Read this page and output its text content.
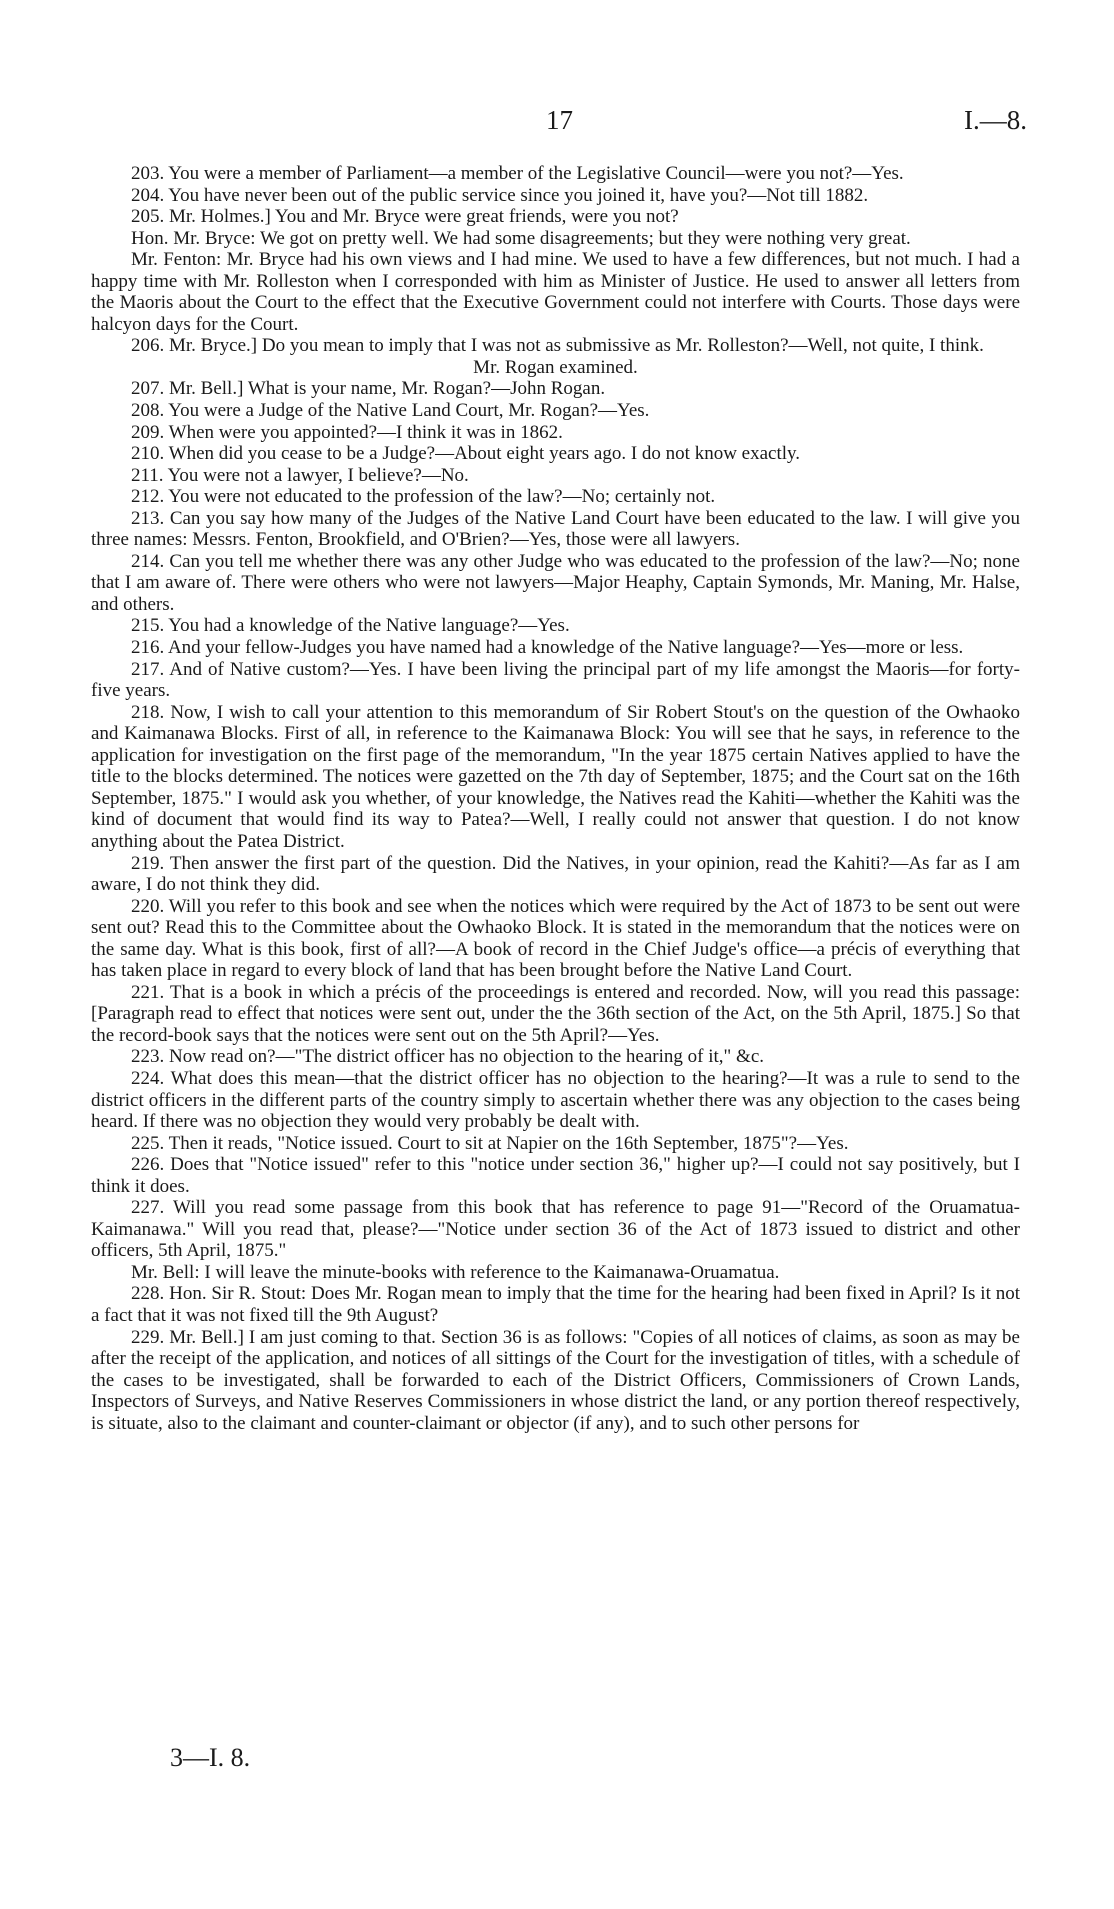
17	I.—8.

203. You were a member of Parliament—a member of the Legislative Council—were you not?—Yes.

204. You have never been out of the public service since you joined it, have you?—Not till 1882.

205. Mr. Holmes.] You and Mr. Bryce were great friends, were you not?

Hon. Mr. Bryce: We got on pretty well. We had some disagreements; but they were nothing very great.

Mr. Fenton: Mr. Bryce had his own views and I had mine. We used to have a few differences, but not much. I had a happy time with Mr. Rolleston when I corresponded with him as Minister of Justice. He used to answer all letters from the Maoris about the Court to the effect that the Executive Government could not interfere with Courts. Those days were halcyon days for the Court.

206. Mr. Bryce.] Do you mean to imply that I was not as submissive as Mr. Rolleston?—Well, not quite, I think.

Mr. Rogan examined.

207. Mr. Bell.] What is your name, Mr. Rogan?—John Rogan.

208. You were a Judge of the Native Land Court, Mr. Rogan?—Yes.

209. When were you appointed?—I think it was in 1862.

210. When did you cease to be a Judge?—About eight years ago. I do not know exactly.

211. You were not a lawyer, I believe?—No.

212. You were not educated to the profession of the law?—No; certainly not.

213. Can you say how many of the Judges of the Native Land Court have been educated to the law. I will give you three names: Messrs. Fenton, Brookfield, and O'Brien?—Yes, those were all lawyers.

214. Can you tell me whether there was any other Judge who was educated to the profession of the law?—No; none that I am aware of. There were others who were not lawyers—Major Heaphy, Captain Symonds, Mr. Maning, Mr. Halse, and others.

215. You had a knowledge of the Native language?—Yes.

216. And your fellow-Judges you have named had a knowledge of the Native language?—Yes—more or less.

217. And of Native custom?—Yes. I have been living the principal part of my life amongst the Maoris—for forty-five years.

218. Now, I wish to call your attention to this memorandum of Sir Robert Stout's on the question of the Owhaoko and Kaimanawa Blocks. First of all, in reference to the Kaimanawa Block: You will see that he says, in reference to the application for investigation on the first page of the memorandum, "In the year 1875 certain Natives applied to have the title to the blocks determined. The notices were gazetted on the 7th day of September, 1875; and the Court sat on the 16th September, 1875." I would ask you whether, of your knowledge, the Natives read the Kahiti—whether the Kahiti was the kind of document that would find its way to Patea?—Well, I really could not answer that question. I do not know anything about the Patea District.

219. Then answer the first part of the question. Did the Natives, in your opinion, read the Kahiti?—As far as I am aware, I do not think they did.

220. Will you refer to this book and see when the notices which were required by the Act of 1873 to be sent out were sent out? Read this to the Committee about the Owhaoko Block. It is stated in the memorandum that the notices were on the same day. What is this book, first of all?—A book of record in the Chief Judge's office—a précis of everything that has taken place in regard to every block of land that has been brought before the Native Land Court.

221. That is a book in which a précis of the proceedings is entered and recorded. Now, will you read this passage: [Paragraph read to effect that notices were sent out, under the the 36th section of the Act, on the 5th April, 1875.] So that the record-book says that the notices were sent out on the 5th April?—Yes.

223. Now read on?—"The district officer has no objection to the hearing of it," &c.

224. What does this mean—that the district officer has no objection to the hearing?—It was a rule to send to the district officers in the different parts of the country simply to ascertain whether there was any objection to the cases being heard. If there was no objection they would very probably be dealt with.

225. Then it reads, "Notice issued. Court to sit at Napier on the 16th September, 1875"?—Yes.

226. Does that "Notice issued" refer to this "notice under section 36," higher up?—I could not say positively, but I think it does.

227. Will you read some passage from this book that has reference to page 91—"Record of the Oruamatua-Kaimanawa." Will you read that, please?—"Notice under section 36 of the Act of 1873 issued to district and other officers, 5th April, 1875."

Mr. Bell: I will leave the minute-books with reference to the Kaimanawa-Oruamatua.

228. Hon. Sir R. Stout: Does Mr. Rogan mean to imply that the time for the hearing had been fixed in April? Is it not a fact that it was not fixed till the 9th August?

229. Mr. Bell.] I am just coming to that. Section 36 is as follows: "Copies of all notices of claims, as soon as may be after the receipt of the application, and notices of all sittings of the Court for the investigation of titles, with a schedule of the cases to be investigated, shall be forwarded to each of the District Officers, Commissioners of Crown Lands, Inspectors of Surveys, and Native Reserves Commissioners in whose district the land, or any portion thereof respectively, is situate, also to the claimant and counter-claimant or objector (if any), and to such other persons for

3—I. 8.
